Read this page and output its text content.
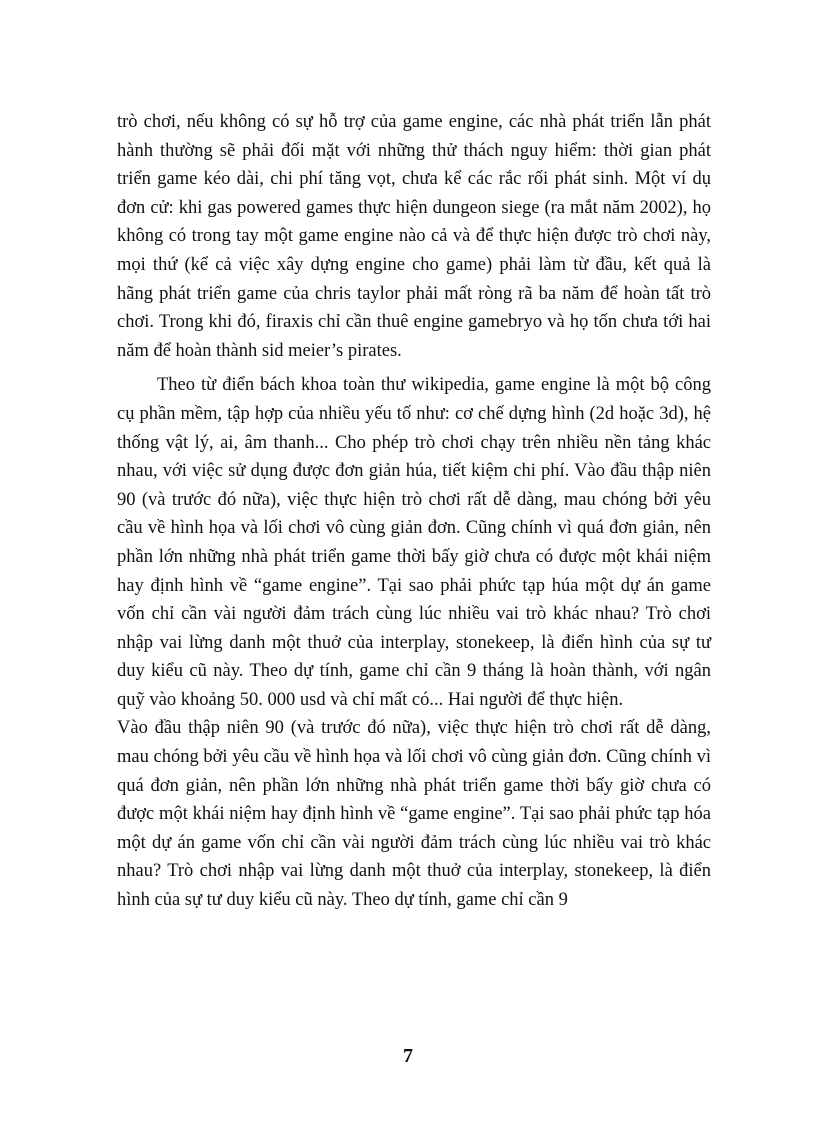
trò chơi, nếu không có sự hỗ trợ của game engine, các nhà phát triển lẫn phát hành thường sẽ phải đối mặt với những thử thách nguy hiểm: thời gian phát triển game kéo dài, chi phí tăng vọt, chưa kể các rắc rối phát sinh. Một ví dụ đơn cử: khi gas powered games thực hiện dungeon siege (ra mắt năm 2002), họ không có trong tay một game engine nào cả và để thực hiện được trò chơi này, mọi thứ (kể cả việc xây dựng engine cho game) phải làm từ đầu, kết quả là hãng phát triển game của chris taylor phải mất ròng rã ba năm để hoàn tất trò chơi. Trong khi đó, firaxis chỉ cần thuê engine gamebryo và họ tốn chưa tới hai năm để hoàn thành sid meier’s pirates.

Theo từ điển bách khoa toàn thư wikipedia, game engine là một bộ công cụ phần mềm, tập hợp của nhiều yếu tố như: cơ chế dựng hình (2d hoặc 3d), hệ thống vật lý, ai, âm thanh... Cho phép trò chơi chạy trên nhiều nền tảng khác nhau, với việc sử dụng được đơn giản húa, tiết kiệm chi phí. Vào đầu thập niên 90 (và trước đó nữa), việc thực hiện trò chơi rất dễ dàng, mau chóng bởi yêu cầu về hình họa và lối chơi vô cùng giản đơn. Cũng chính vì quá đơn giản, nên phần lớn những nhà phát triển game thời bấy giờ chưa có được một khái niệm hay định hình về “game engine”. Tại sao phải phức tạp húa một dự án game vốn chỉ cần vài người đảm trách cùng lúc nhiều vai trò khác nhau? Trò chơi nhập vai lừng danh một thuở của interplay, stonekeep, là điển hình của sự tư duy kiểu cũ này. Theo dự tính, game chỉ cần 9 tháng là hoàn thành, với ngân quỹ vào khoảng 50. 000 usd và chỉ mất có... Hai người để thực hiện.

Vào đầu thập niên 90 (và trước đó nữa), việc thực hiện trò chơi rất dễ dàng, mau chóng bởi yêu cầu về hình họa và lối chơi vô cùng giản đơn. Cũng chính vì quá đơn giản, nên phần lớn những nhà phát triển game thời bấy giờ chưa có được một khái niệm hay định hình về “game engine”. Tại sao phải phức tạp hóa một dự án game vốn chỉ cần vài người đảm trách cùng lúc nhiều vai trò khác nhau? Trò chơi nhập vai lừng danh một thuở của interplay, stonekeep, là điển hình của sự tư duy kiểu cũ này. Theo dự tính, game chỉ cần 9

7
